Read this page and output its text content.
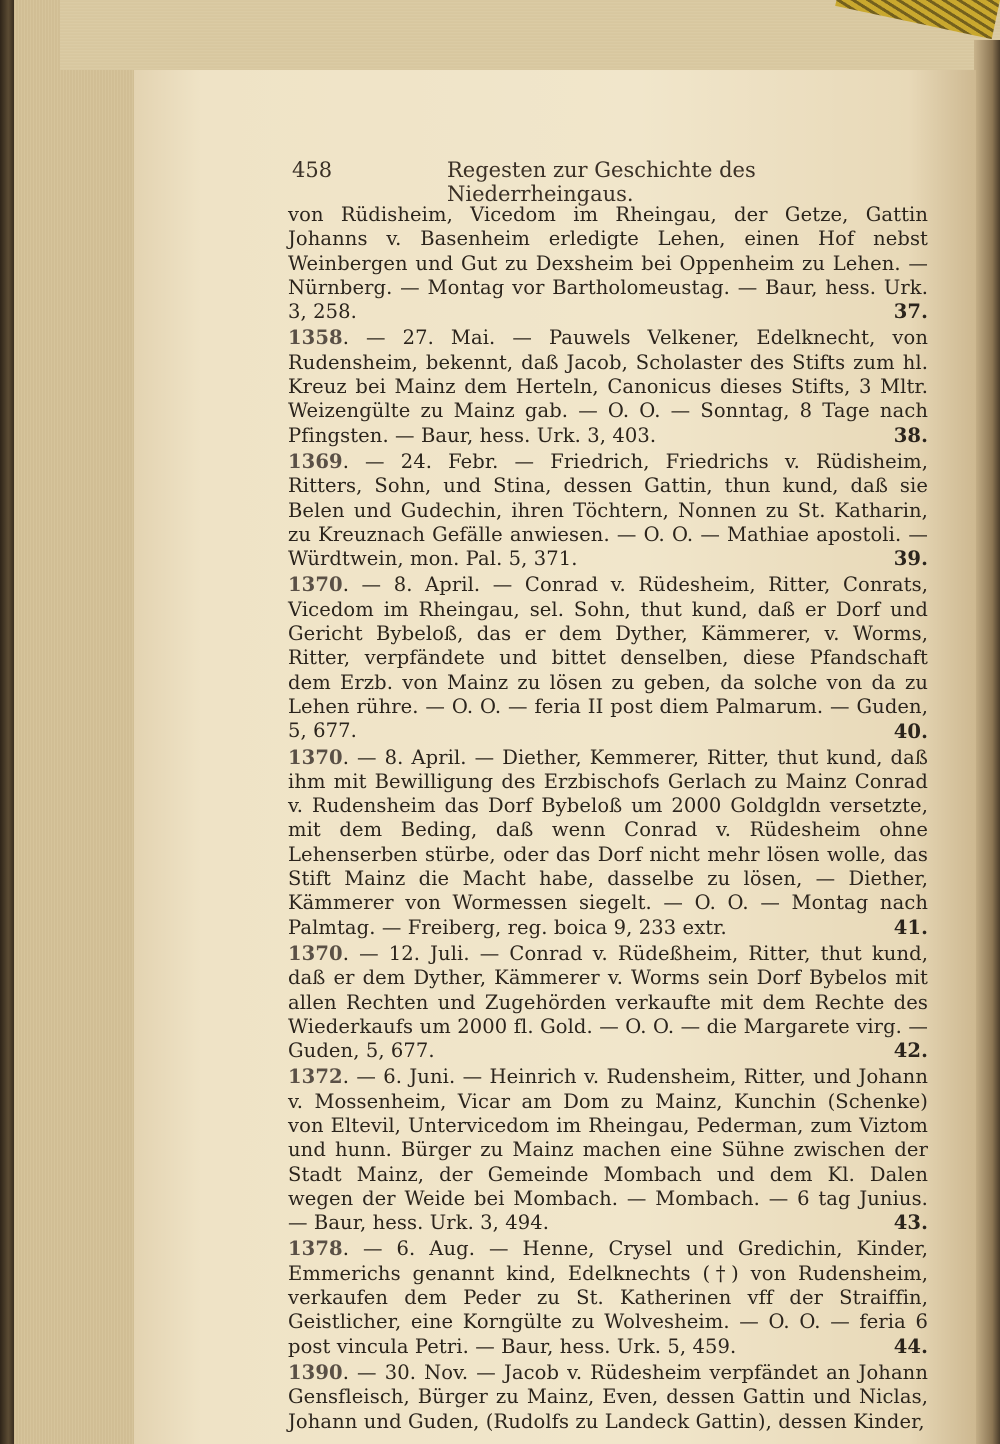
458	Regesten zur Geschichte des Niederrheingaus.

von Rüdisheim, Vicedom im Rheingau, der Getze, Gattin Johanns v. Basenheim erledigte Lehen, einen Hof nebst Weinbergen und Gut zu Dexsheim bei Oppenheim zu Lehen. — Nürnberg. — Montag vor Bartholomeustag. — Baur, hess. Urk. 3, 258.	37.

1358. — 27. Mai. — Pauwels Velkener, Edelknecht, von Rudensheim, bekennt, daß Jacob, Scholaster des Stifts zum hl. Kreuz bei Mainz dem Herteln, Canonicus dieses Stifts, 3 Mltr. Weizengülte zu Mainz gab. — O. O. — Sonntag, 8 Tage nach Pfingsten. — Baur, hess. Urk. 3, 403.	38.

1369. — 24. Febr. — Friedrich, Friedrichs v. Rüdisheim, Ritters, Sohn, und Stina, dessen Gattin, thun kund, daß sie Belen und Gudechin, ihren Töchtern, Nonnen zu St. Katharin, zu Kreuznach Gefälle anwiesen. — O. O. — Mathiae apostoli. — Würdtwein, mon. Pal. 5, 371.	39.

1370. — 8. April. — Conrad v. Rüdesheim, Ritter, Conrats, Vicedom im Rheingau, sel. Sohn, thut kund, daß er Dorf und Gericht Bybeloß, das er dem Dyther, Kämmerer, v. Worms, Ritter, verpfändete und bittet denselben, diese Pfandschaft dem Erzb. von Mainz zu lösen zu geben, da solche von da zu Lehen rühre. — O. O. — feria II post diem Palmarum. — Guden, 5, 677.	40.

1370. — 8. April. — Diether, Kemmerer, Ritter, thut kund, daß ihm mit Bewilligung des Erzbischofs Gerlach zu Mainz Conrad v. Rudensheim das Dorf Bybeloß um 2000 Goldgldn versetzte, mit dem Beding, daß wenn Conrad v. Rüdesheim ohne Lehenserben stürbe, oder das Dorf nicht mehr lösen wolle, das Stift Mainz die Macht habe, dasselbe zu lösen, — Diether, Kämmerer von Wormessen siegelt. — O. O. — Montag nach Palmtag. — Freiberg, reg. boica 9, 233 extr.	41.

1370. — 12. Juli. — Conrad v. Rüdeßheim, Ritter, thut kund, daß er dem Dyther, Kämmerer v. Worms sein Dorf Bybelos mit allen Rechten und Zugehörden verkaufte mit dem Rechte des Wiederkaufs um 2000 fl. Gold. — O. O. — die Margarete virg. — Guden, 5, 677.	42.

1372. — 6. Juni. — Heinrich v. Rudensheim, Ritter, und Johann v. Mossenheim, Vicar am Dom zu Mainz, Kunchin (Schenke) von Eltevil, Untervicedom im Rheingau, Pederman, zum Viztom und hunn. Bürger zu Mainz machen eine Sühne zwischen der Stadt Mainz, der Gemeinde Mombach und dem Kl. Dalen wegen der Weide bei Mombach. — Mombach. — 6 tag Junius. — Baur, hess. Urk. 3, 494.	43.

1378. — 6. Aug. — Henne, Crysel und Gredichin, Kinder, Emmerichs genannt kind, Edelknechts (†) von Rudensheim, verkaufen dem Peder zu St. Katherinen vff der Straiffin, Geistlicher, eine Korngülte zu Wolvesheim. — O. O. — feria 6 post vincula Petri. — Baur, hess. Urk. 5, 459.	44.

1390. — 30. Nov. — Jacob v. Rüdesheim verpfändet an Johann Gensfleisch, Bürger zu Mainz, Even, dessen Gattin und Niclas, Johann und Guden, (Rudolfs zu Landeck Gattin), dessen Kinder,
